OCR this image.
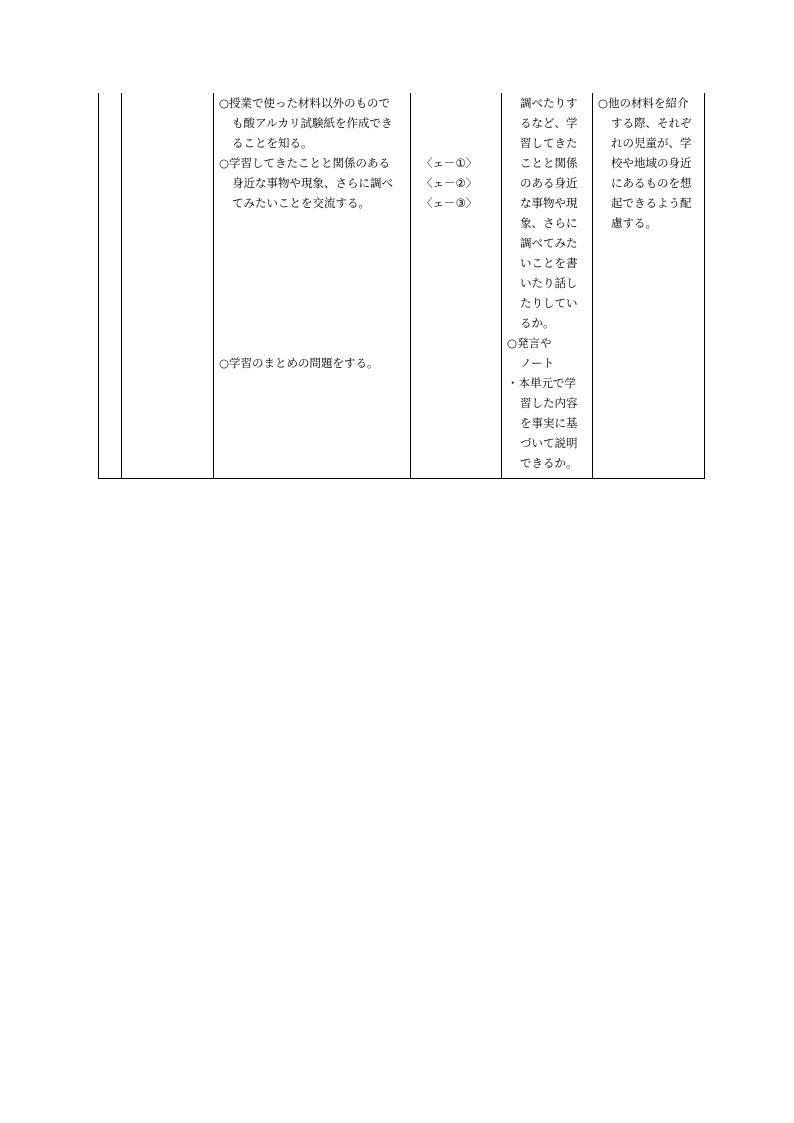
○授業で使った材料以外のもので
も酸アルカリ試験紙を作成でき
ることを知る。
○学習してきたことと関係のある
身近な事物や現象、さらに調べ
てみたいことを交流する。
○学習のまとめの問題をする。
〈ェ－①〉
〈ェ－②〉
〈ェ－③〉
調べたりす
るなど、学
習してきた
ことと関係
のある身近
な事物や現
象、さらに
調べてみた
いことを書
いたり話し
たりしてい
るか。
○発言や
ノート
・本単元で学
習した内容
を事実に基
づいて説明
できるか。
○他の材料を紹介
する際、それぞ
れの児童が、学
校や地域の身近
にあるものを想
起できるよう配
慮する。
